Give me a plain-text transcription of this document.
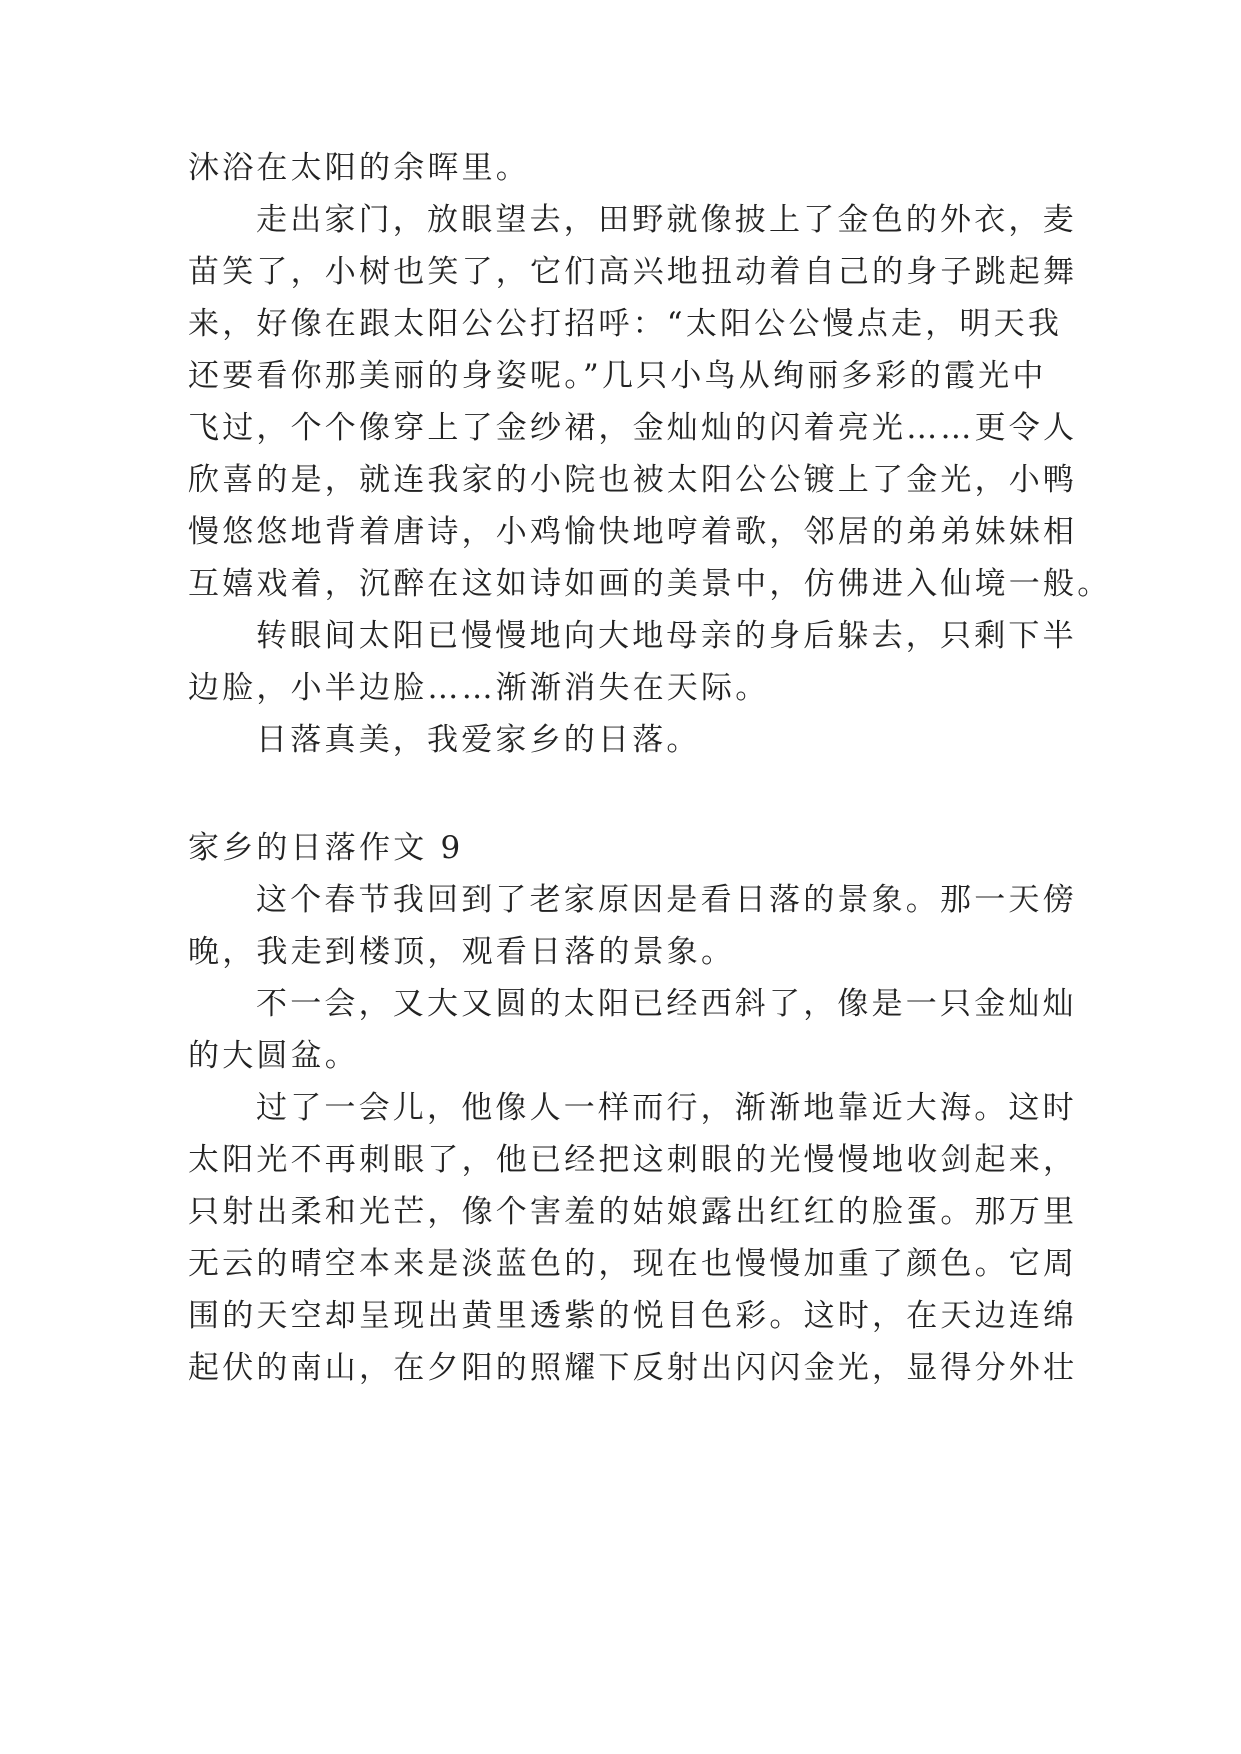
沐浴在太阳的余晖里。
走出家门，放眼望去，田野就像披上了金色的外衣，麦
苗笑了，小树也笑了，它们高兴地扭动着自己的身子跳起舞
来，好像在跟太阳公公打招呼：“太阳公公慢点走，明天我
还要看你那美丽的身姿呢。”几只小鸟从绚丽多彩的霞光中
飞过，个个像穿上了金纱裙，金灿灿的闪着亮光……更令人
欣喜的是，就连我家的小院也被太阳公公镀上了金光，小鸭
慢悠悠地背着唐诗，小鸡愉快地哼着歌，邻居的弟弟妹妹相
互嬉戏着，沉醉在这如诗如画的美景中，仿佛进入仙境一般。
转眼间太阳已慢慢地向大地母亲的身后躲去，只剩下半
边脸，小半边脸……渐渐消失在天际。
日落真美，我爱家乡的日落。
家乡的日落作文 9
这个春节我回到了老家原因是看日落的景象。那一天傍
晚，我走到楼顶，观看日落的景象。
不一会，又大又圆的太阳已经西斜了，像是一只金灿灿
的大圆盆。
过了一会儿，他像人一样而行，渐渐地靠近大海。这时
太阳光不再刺眼了，他已经把这刺眼的光慢慢地收剑起来，
只射出柔和光芒，像个害羞的姑娘露出红红的脸蛋。那万里
无云的晴空本来是淡蓝色的，现在也慢慢加重了颜色。它周
围的天空却呈现出黄里透紫的悦目色彩。这时，在天边连绵
起伏的南山，在夕阳的照耀下反射出闪闪金光，显得分外壮
